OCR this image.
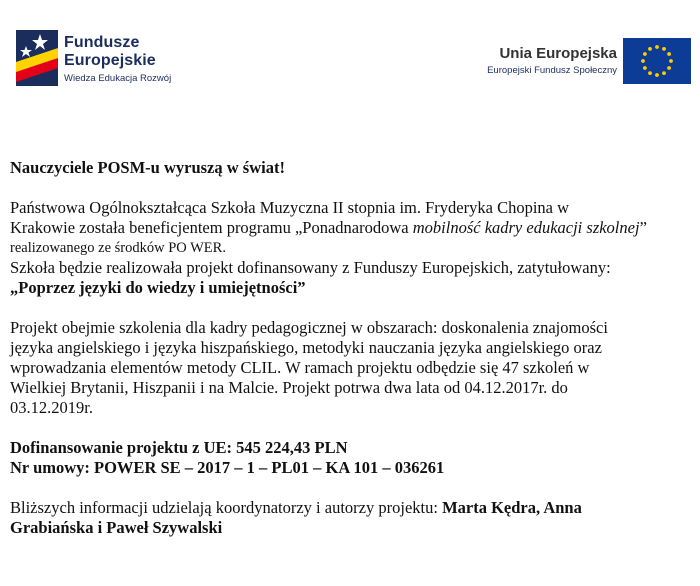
Fundusze
Europejskie
Wiedza Edukacja Rozwój
Unia Europejska
Europejski Fundusz Społeczny
Nauczyciele POSM-u wyruszą w świat!

Państwowa Ogólnokształcąca Szkoła Muzyczna II stopnia im. Fryderyka Chopina w

Krakowie została beneficjentem programu „Ponadnarodowa mobilność kadry edukacji szkolnej”

realizowanego ze środków PO WER.

Szkoła będzie realizowała projekt dofinansowany z Funduszy Europejskich, zatytułowany:

„Poprzez języki do wiedzy i umiejętności”

Projekt obejmie szkolenia dla kadry pedagogicznej w obszarach: doskonalenia znajomości

języka angielskiego i języka hiszpańskiego, metodyki nauczania języka angielskiego oraz

wprowadzania elementów metody CLIL. W ramach projektu odbędzie się 47 szkoleń w

Wielkiej Brytanii, Hiszpanii i na Malcie. Projekt potrwa dwa lata od 04.12.2017r. do

03.12.2019r.

Dofinansowanie projektu z UE: 545 224,43 PLN

Nr umowy: POWER SE – 2017 – 1 – PL01 – KA 101 – 036261

Bliższych informacji udzielają koordynatorzy i autorzy projektu: Marta Kędra, Anna

Grabiańska i Paweł Szywalski
